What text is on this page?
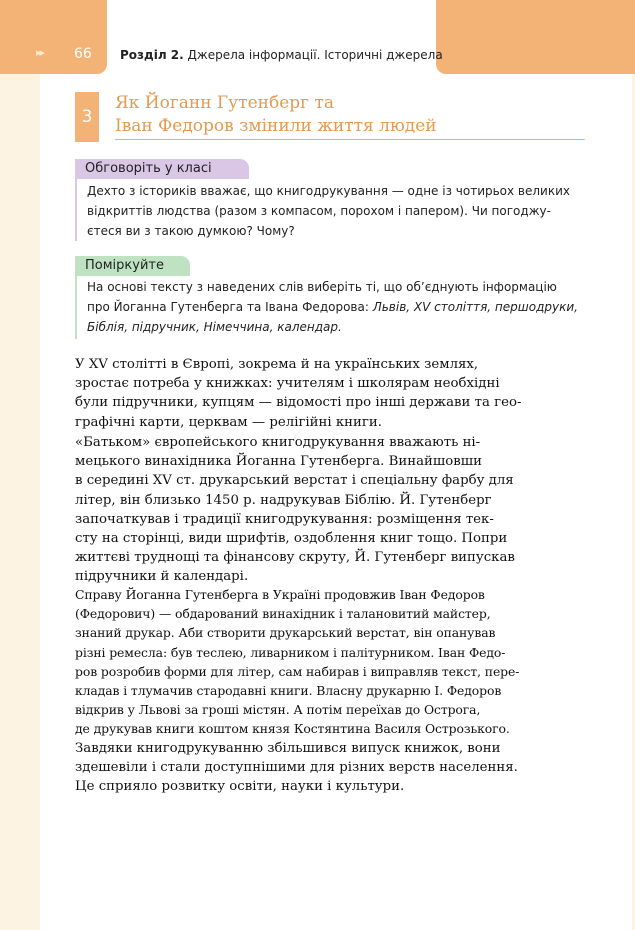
▸▸ 66 Розділ 2. Джерела інформації. Історичні джерела
3
Як Йоганн Гутенберг та
Іван Федоров змінили життя людей
Обговоріть у класі
Дехто з істориків вважає, що книгодрукування — одне із чотирьох великих
відкриттів людства (разом з компасом, порохом і папером). Чи погоджу-
єтеся ви з такою думкою? Чому?
Поміркуйте
На основі тексту з наведених слів виберіть ті, що об’єднують інформацію
про Йоганна Гутенберга та Івана Федорова: Львів, XV століття, першодруки,
Біблія, підручник, Німеччина, календар.
У XV столітті в Європі, зокрема й на українських землях,
зростає потреба у книжках: учителям і школярам необхідні
були підручники, купцям — відомості про інші держави та гео-
графічні карти, церквам — релігійні книги.
«Батьком» європейського книгодрукування вважають ні-
мецького винахідника Йоганна Гутенберга. Винайшовши
в середині XV ст. друкарський верстат і спеціальну фарбу для
літер, він близько 1450 р. надрукував Біблію. Й. Гутенберг
започаткував і традиції книгодрукування: розміщення тек-
сту на сторінці, види шрифтів, оздоблення книг тощо. Попри
життєві труднощі та фінансову скруту, Й. Гутенберг випускав
підручники й календарі.
Справу Йоганна Гутенберга в Україні продовжив Іван Федоров
(Федорович) — обдарований винахідник і талановитий майстер,
знаний друкар. Аби створити друкарський верстат, він опанував
різні ремесла: був теслею, ливарником і палітурником. Іван Федо-
ров розробив форми для літер, сам набирав і виправляв текст, пере-
кладав і тлумачив стародавні книги. Власну друкарню І. Федоров
відкрив у Львові за гроші містян. А потім переїхав до Острога,
де друкував книги коштом князя Костянтина Василя Острозького.
Завдяки книгодрукуванню збільшився випуск книжок, вони
здешевіли і стали доступнішими для різних верств населення.
Це сприяло розвитку освіти, науки і культури.
